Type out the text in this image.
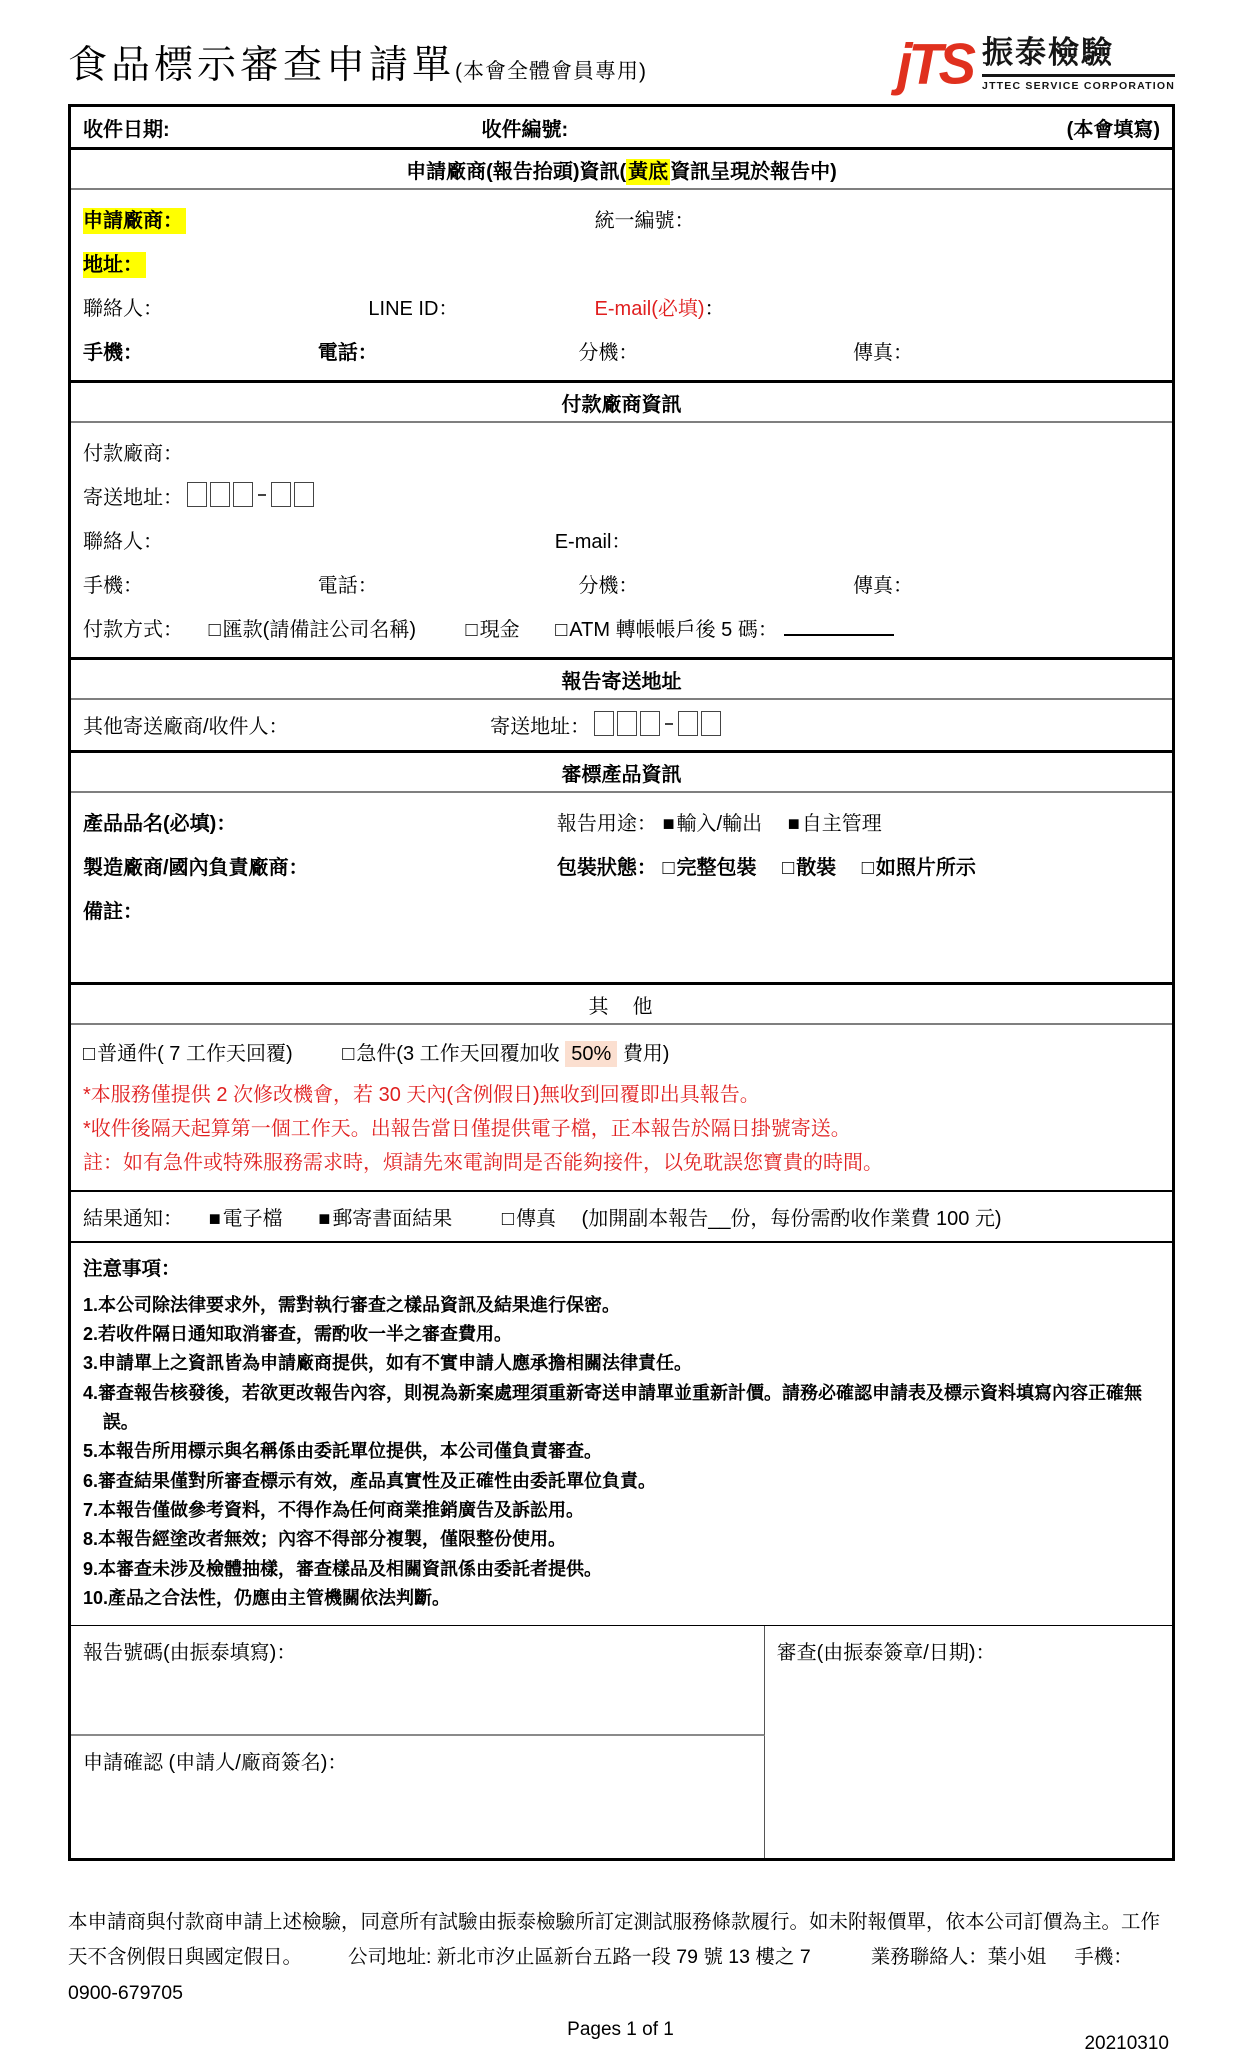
食品標示審查申請單 (本會全體會員專用)	jTS 振泰檢驗
JTTEC SERVICE CORPORATION
收件日期:	收件編號:	(本會填寫)
申請廠商(報告抬頭)資訊( 黃底 資訊呈現於報告中)
申請廠商：	統一編號：
地址：
聯絡人：	LINE ID：	E-mail(必填)：
手機：	電話：	分機：	傳真：
付款廠商資訊
付款廠商：
寄送地址：
聯絡人：	E-mail：
手機：	電話：	分機：	傳真：
付款方式： □ 匯款(請備註公司名稱) □ 現金 □ ATM 轉帳帳戶後 5 碼：
報告寄送地址
其他寄送廠商/收件人：	寄送地址：
審標產品資訊
產品品名(必填)：	報告用途： ■ 輸入/輸出 ■ 自主管理
製造廠商/國內負責廠商：	包裝狀態： □ 完整包裝 □ 散裝 □ 如照片所示
備註：
其　他
□ 普通件( 7 工作天回覆) □ 急件(3 工作天回覆加收 50% 費用)
*本服務僅提供 2 次修改機會，若 30 天內(含例假日)無收到回覆即出具報告。
*收件後隔天起算第一個工作天。出報告當日僅提供電子檔，正本報告於隔日掛號寄送。
註：如有急件或特殊服務需求時，煩請先來電詢問是否能夠接件，以免耽誤您寶貴的時間。
結果通知： ■ 電子檔 ■ 郵寄書面結果 □ 傳真 (加開副本報告__份，每份需酌收作業費 100 元)
注意事項：
1.本公司除法律要求外，需對執行審查之樣品資訊及結果進行保密。
2.若收件隔日通知取消審查，需酌收一半之審查費用。
3.申請單上之資訊皆為申請廠商提供，如有不實申請人應承擔相關法律責任。
4.審查報告核發後，若欲更改報告內容，則視為新案處理須重新寄送申請單並重新計價。請務必確認申請表及標示資料填寫內容正確無誤。
5.本報告所用標示與名稱係由委託單位提供，本公司僅負責審查。
6.審查結果僅對所審查標示有效，產品真實性及正確性由委託單位負責。
7.本報告僅做參考資料，不得作為任何商業推銷廣告及訴訟用。
8.本報告經塗改者無效；內容不得部分複製，僅限整份使用。
9.本審查未涉及檢體抽樣，審查樣品及相關資訊係由委託者提供。
10.產品之合法性，仍應由主管機關依法判斷。
報告號碼(由振泰填寫)：	審查(由振泰簽章/日期)：
申請確認 (申請人/廠商簽名)：
本申請商與付款商申請上述檢驗，同意所有試驗由振泰檢驗所訂定測試服務條款履行。如未附報價單，依本公司訂價為主。工作天不含例假日與國定假日。 公司地址: 新北市汐止區新台五路一段 79 號 13 樓之 7	業務聯絡人：葉小姐 手機：0900-679705
Pages 1 of 1
20210310
